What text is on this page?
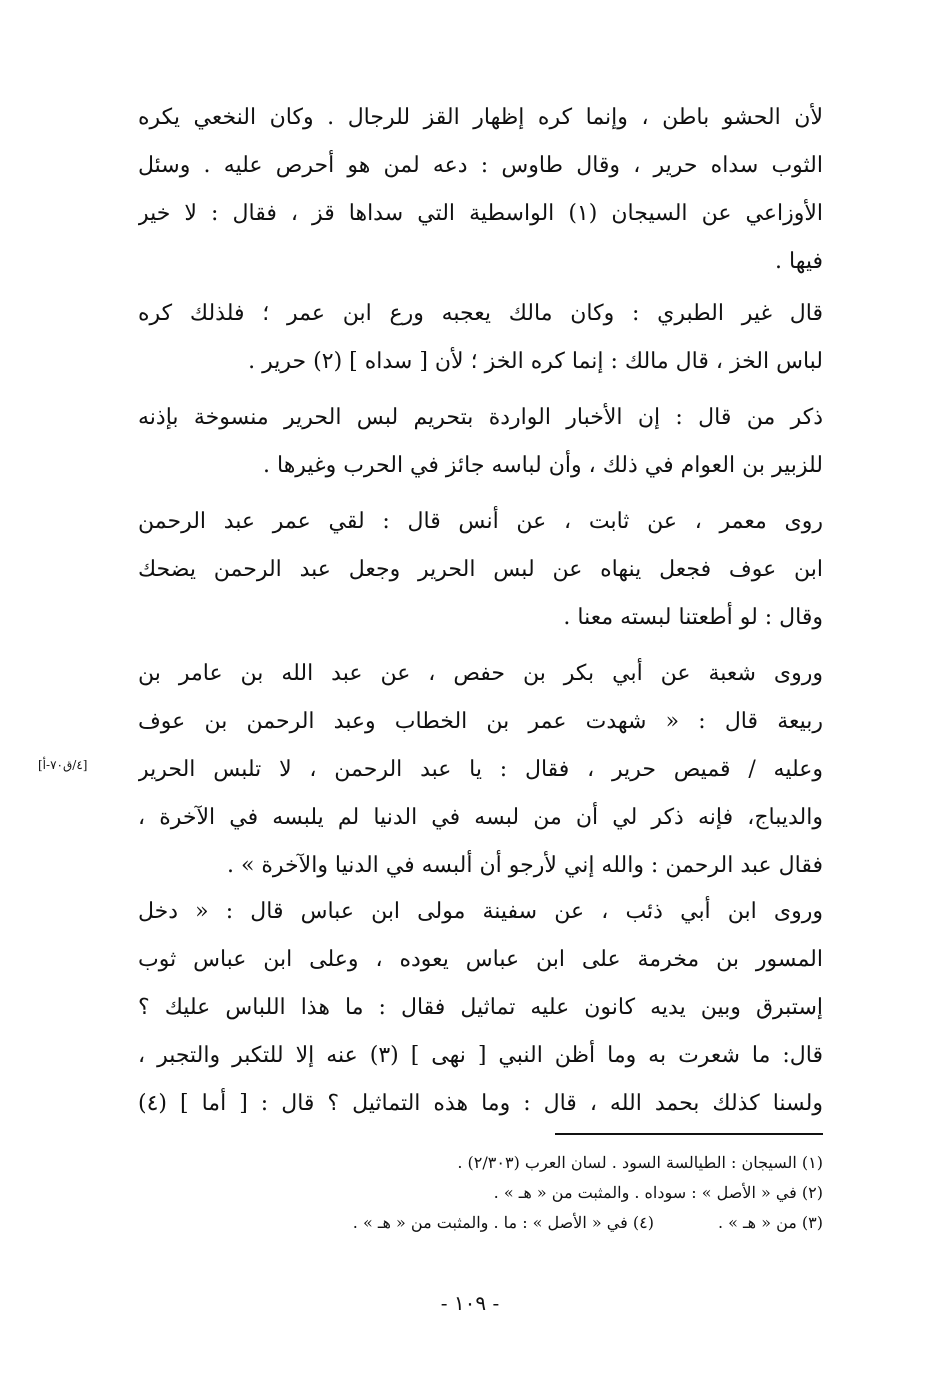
لأن الحشو باطن ، وإنما كره إظهار القز للرجال . وكان النخعي يكره
الثوب سداه حرير ، وقال طاوس : دعه لمن هو أحرص عليه . وسئل
الأوزاعي عن السيجان (١) الواسطية التي سداها قز ، فقال : لا خير
فيها .
قال غير الطبري : وكان مالك يعجبه ورع ابن عمر ؛ فلذلك كره
لباس الخز ، قال مالك : إنما كره الخز ؛ لأن [ سداه ] (٢) حرير .
ذكر من قال : إن الأخبار الواردة بتحريم لبس الحرير منسوخة بإذنه
للزبير بن العوام في ذلك ، وأن لباسه جائز في الحرب وغيرها .
روى معمر ، عن ثابت ، عن أنس قال : لقي عمر عبد الرحمن
ابن عوف فجعل ينهاه عن لبس الحرير وجعل عبد الرحمن يضحك
وقال : لو أطعتنا لبسته معنا .
وروى شعبة عن أبي بكر بن حفص ، عن عبد الله بن عامر بن
ربيعة قال : « شهدت عمر بن الخطاب وعبد الرحمن بن عوف
وعليه / قميص حرير ، فقال : يا عبد الرحمن ، لا تلبس الحرير
والديباج، فإنه ذكر لي أن من لبسه في الدنيا لم يلبسه في الآخرة ،
فقال عبد الرحمن : والله إني لأرجو أن ألبسه في الدنيا والآخرة » .
[٤/ق٧٠-أ]
وروى ابن أبي ذئب ، عن سفينة مولى ابن عباس قال : « دخل
المسور بن مخرمة على ابن عباس يعوده ، وعلى ابن عباس ثوب
إستبرق وبين يديه كانون عليه تماثيل فقال : ما هذا اللباس عليك ؟
قال: ما شعرت به وما أظن النبي [ نهى ] (٣) عنه إلا للتكبر والتجبر ،
ولسنا كذلك بحمد الله ، قال : وما هذه التماثيل ؟ قال : [ أما ] (٤)
(١) السيجان : الطيالسة السود . لسان العرب (٢/٣٠٣) .
(٢) في « الأصل » : سوداه . والمثبت من « هـ » .
(٣) من « هـ » .
(٤) في « الأصل » : ما . والمثبت من « هـ » .
- ١٠٩ -
